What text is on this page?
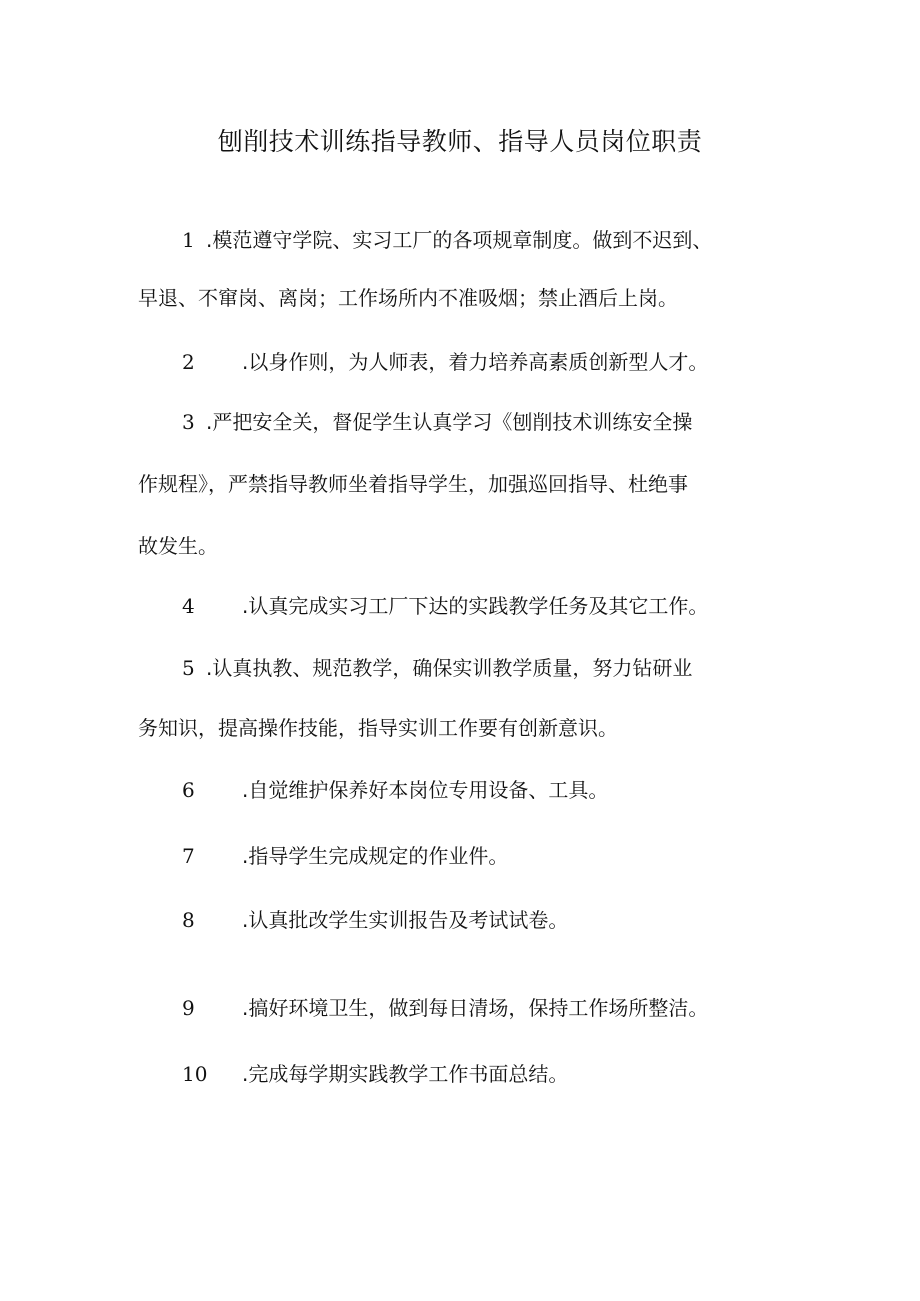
刨削技术训练指导教师、指导人员岗位职责
1 .模范遵守学院、实习工厂的各项规章制度。做到不迟到、
早退、不窜岗、离岗；工作场所内不准吸烟；禁止酒后上岗。
2 .以身作则，为人师表，着力培养高素质创新型人才。
3 .严把安全关，督促学生认真学习《刨削技术训练安全操
作规程》，严禁指导教师坐着指导学生，加强巡回指导、杜绝事
故发生。
4 .认真完成实习工厂下达的实践教学任务及其它工作。
5 .认真执教、规范教学，确保实训教学质量，努力钻研业
务知识，提高操作技能，指导实训工作要有创新意识。
6 .自觉维护保养好本岗位专用设备、工具。
7 .指导学生完成规定的作业件。
8 .认真批改学生实训报告及考试试卷。
9 .搞好环境卫生，做到每日清场，保持工作场所整洁。
10 .完成每学期实践教学工作书面总结。
